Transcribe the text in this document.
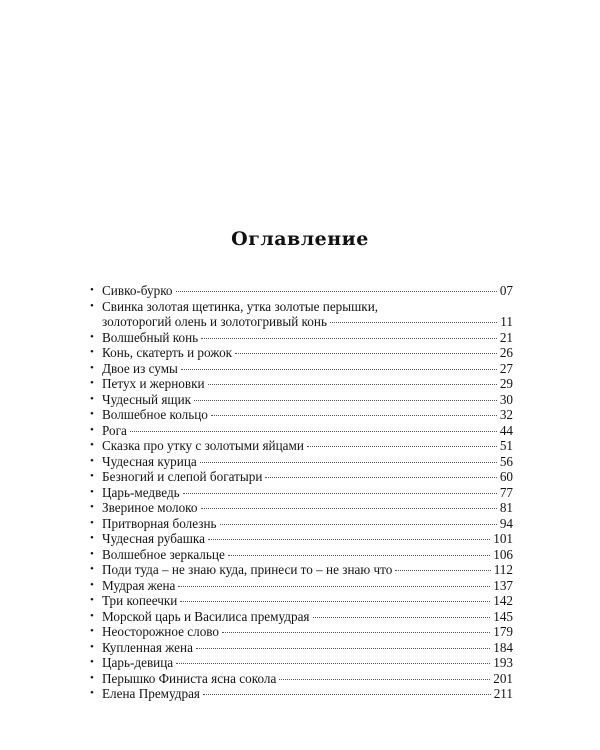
Оглавление
• Сивко-бурко	07
• Свинка золотая щетинка, утка золотые перышки,
золоторогий олень и золотогривый конь	11
• Волшебный конь	21
• Конь, скатерть и рожок	26
• Двое из сумы	27
• Петух и жерновки	29
• Чудесный ящик	30
• Волшебное кольцо	32
• Рога	44
• Сказка про утку с золотыми яйцами	51
• Чудесная курица	56
• Безногий и слепой богатыри	60
• Царь-медведь	77
• Звериное молоко	81
• Притворная болезнь	94
• Чудесная рубашка	101
• Волшебное зеркальце	106
• Поди туда – не знаю куда, принеси то – не знаю что	112
• Мудрая жена	137
• Три копеечки	142
• Морской царь и Василиса премудрая	145
• Неосторожное слово	179
• Купленная жена	184
• Царь-девица	193
• Перышко Финиста ясна сокола	201
• Елена Премудрая	211
